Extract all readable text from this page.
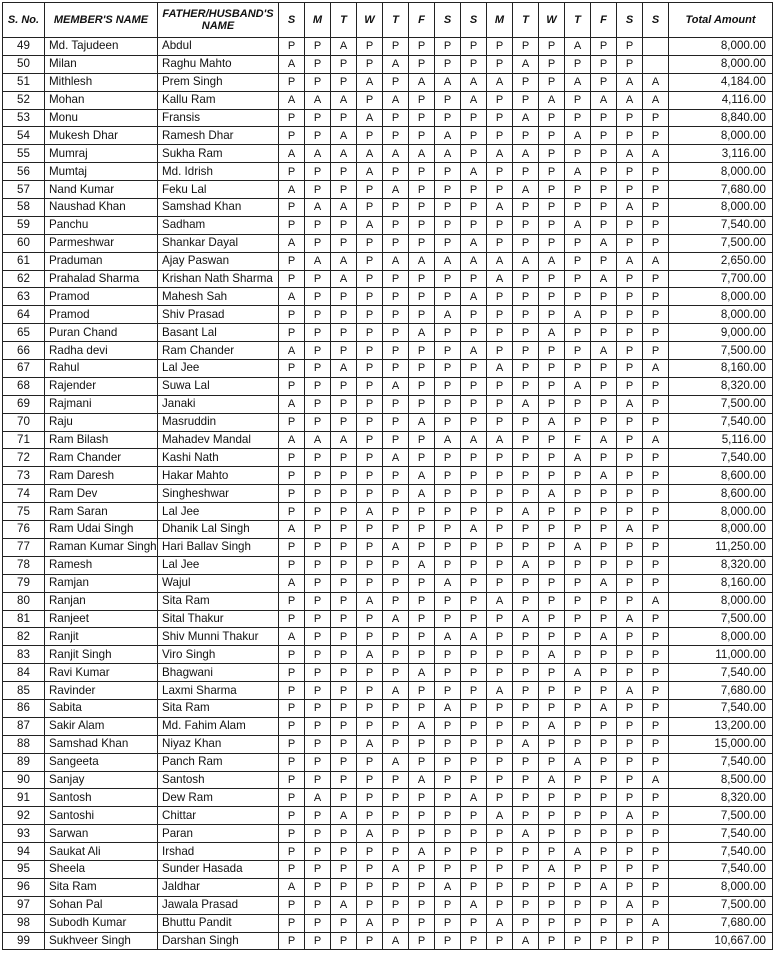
S. No.	MEMBER'S NAME	FATHER/HUSBAND'S NAME	S	M	T	W	T	F	S	S	M	T	W	T	F	S	S	Total Amount
49	Md. Tajudeen	Abdul	P	P	A	P	P	P	P	P	P	P	P	A	P	P		8,000.00
50	Milan	Raghu Mahto	A	P	P	P	A	P	P	P	P	A	P	P	P	P		8,000.00
51	Mithlesh	Prem Singh	P	P	P	A	P	A	A	A	A	P	P	A	P	A	A	4,184.00
52	Mohan	Kallu Ram	A	A	A	P	A	P	P	A	P	P	A	P	A	A	A	4,116.00
53	Monu	Fransis	P	P	P	A	P	P	P	P	P	A	P	P	P	P	P	8,840.00
54	Mukesh Dhar	Ramesh Dhar	P	P	A	P	P	P	A	P	P	P	P	A	P	P	P	8,000.00
55	Mumraj	Sukha Ram	A	A	A	A	A	A	A	P	A	A	P	P	P	A	A	3,116.00
56	Mumtaj	Md. Idrish	P	P	P	A	P	P	P	A	P	P	P	A	P	P	P	8,000.00
57	Nand Kumar	Feku Lal	A	P	P	P	A	P	P	P	P	A	P	P	P	P	P	7,680.00
58	Naushad Khan	Samshad Khan	P	A	A	P	P	P	P	P	A	P	P	P	P	A	P	8,000.00
59	Panchu	Sadham	P	P	P	A	P	P	P	P	P	P	P	A	P	P	P	7,540.00
60	Parmeshwar	Shankar Dayal	A	P	P	P	P	P	P	A	P	P	P	P	A	P	P	7,500.00
61	Praduman	Ajay Paswan	P	A	A	P	A	A	A	A	A	A	A	P	P	A	A	2,650.00
62	Prahalad Sharma	Krishan Nath Sharma	P	P	A	P	P	P	P	P	A	P	P	P	A	P	P	7,700.00
63	Pramod	Mahesh Sah	A	P	P	P	P	P	P	A	P	P	P	P	P	P	P	8,000.00
64	Pramod	Shiv Prasad	P	P	P	P	P	P	A	P	P	P	P	A	P	P	P	8,000.00
65	Puran Chand	Basant Lal	P	P	P	P	P	A	P	P	P	P	A	P	P	P	P	9,000.00
66	Radha devi	Ram Chander	A	P	P	P	P	P	P	A	P	P	P	P	A	P	P	7,500.00
67	Rahul	Lal Jee	P	P	A	P	P	P	P	P	A	P	P	P	P	P	A	8,160.00
68	Rajender	Suwa Lal	P	P	P	P	A	P	P	P	P	P	P	A	P	P	P	8,320.00
69	Rajmani	Janaki	A	P	P	P	P	P	P	P	P	A	P	P	P	A	P	7,500.00
70	Raju	Masruddin	P	P	P	P	P	A	P	P	P	P	A	P	P	P	P	7,540.00
71	Ram Bilash	Mahadev Mandal	A	A	A	P	P	P	A	A	A	P	P	F	A	P	A	5,116.00
72	Ram Chander	Kashi Nath	P	P	P	P	A	P	P	P	P	P	P	A	P	P	P	7,540.00
73	Ram Daresh	Hakar Mahto	P	P	P	P	P	A	P	P	P	P	P	P	A	P	P	8,600.00
74	Ram Dev	Singheshwar	P	P	P	P	P	A	P	P	P	P	A	P	P	P	P	8,600.00
75	Ram Saran	Lal Jee	P	P	P	A	P	P	P	P	P	A	P	P	P	P	P	8,000.00
76	Ram Udai Singh	Dhanik Lal Singh	A	P	P	P	P	P	P	A	P	P	P	P	P	A	P	8,000.00
77	Raman Kumar Singh	Hari Ballav Singh	P	P	P	P	A	P	P	P	P	P	P	A	P	P	P	11,250.00
78	Ramesh	Lal Jee	P	P	P	P	P	A	P	P	P	A	P	P	P	P	P	8,320.00
79	Ramjan	Wajul	A	P	P	P	P	P	A	P	P	P	P	P	A	P	P	8,160.00
80	Ranjan	Sita Ram	P	P	P	A	P	P	P	P	A	P	P	P	P	P	A	8,000.00
81	Ranjeet	Sital Thakur	P	P	P	P	A	P	P	P	P	A	P	P	P	A	P	7,500.00
82	Ranjit	Shiv Munni Thakur	A	P	P	P	P	P	A	A	P	P	P	P	A	P	P	8,000.00
83	Ranjit Singh	Viro Singh	P	P	P	A	P	P	P	P	P	P	A	P	P	P	P	11,000.00
84	Ravi Kumar	Bhagwani	P	P	P	P	P	A	P	P	P	P	P	A	P	P	P	7,540.00
85	Ravinder	Laxmi Sharma	P	P	P	P	A	P	P	P	A	P	P	P	P	A	P	7,680.00
86	Sabita	Sita Ram	P	P	P	P	P	P	A	P	P	P	P	P	A	P	P	7,540.00
87	Sakir Alam	Md. Fahim Alam	P	P	P	P	P	A	P	P	P	P	A	P	P	P	P	13,200.00
88	Samshad Khan	Niyaz Khan	P	P	P	A	P	P	P	P	P	A	P	P	P	P	P	15,000.00
89	Sangeeta	Panch Ram	P	P	P	P	A	P	P	P	P	P	P	A	P	P	P	7,540.00
90	Sanjay	Santosh	P	P	P	P	P	A	P	P	P	P	A	P	P	P	A	8,500.00
91	Santosh	Dew Ram	P	A	P	P	P	P	P	A	P	P	P	P	P	P	P	8,320.00
92	Santoshi	Chittar	P	P	A	P	P	P	P	P	A	P	P	P	P	A	P	7,500.00
93	Sarwan	Paran	P	P	P	A	P	P	P	P	P	A	P	P	P	P	P	7,540.00
94	Saukat Ali	Irshad	P	P	P	P	P	A	P	P	P	P	P	A	P	P	P	7,540.00
95	Sheela	Sunder Hasada	P	P	P	P	A	P	P	P	P	P	A	P	P	P	P	7,540.00
96	Sita Ram	Jaldhar	A	P	P	P	P	P	A	P	P	P	P	P	A	P	P	8,000.00
97	Sohan Pal	Jawala Prasad	P	P	A	P	P	P	P	A	P	P	P	P	P	A	P	7,500.00
98	Subodh Kumar	Bhuttu Pandit	P	P	P	A	P	P	P	P	A	P	P	P	P	P	A	7,680.00
99	Sukhveer Singh	Darshan Singh	P	P	P	P	A	P	P	P	P	A	P	P	P	P	P	10,667.00
